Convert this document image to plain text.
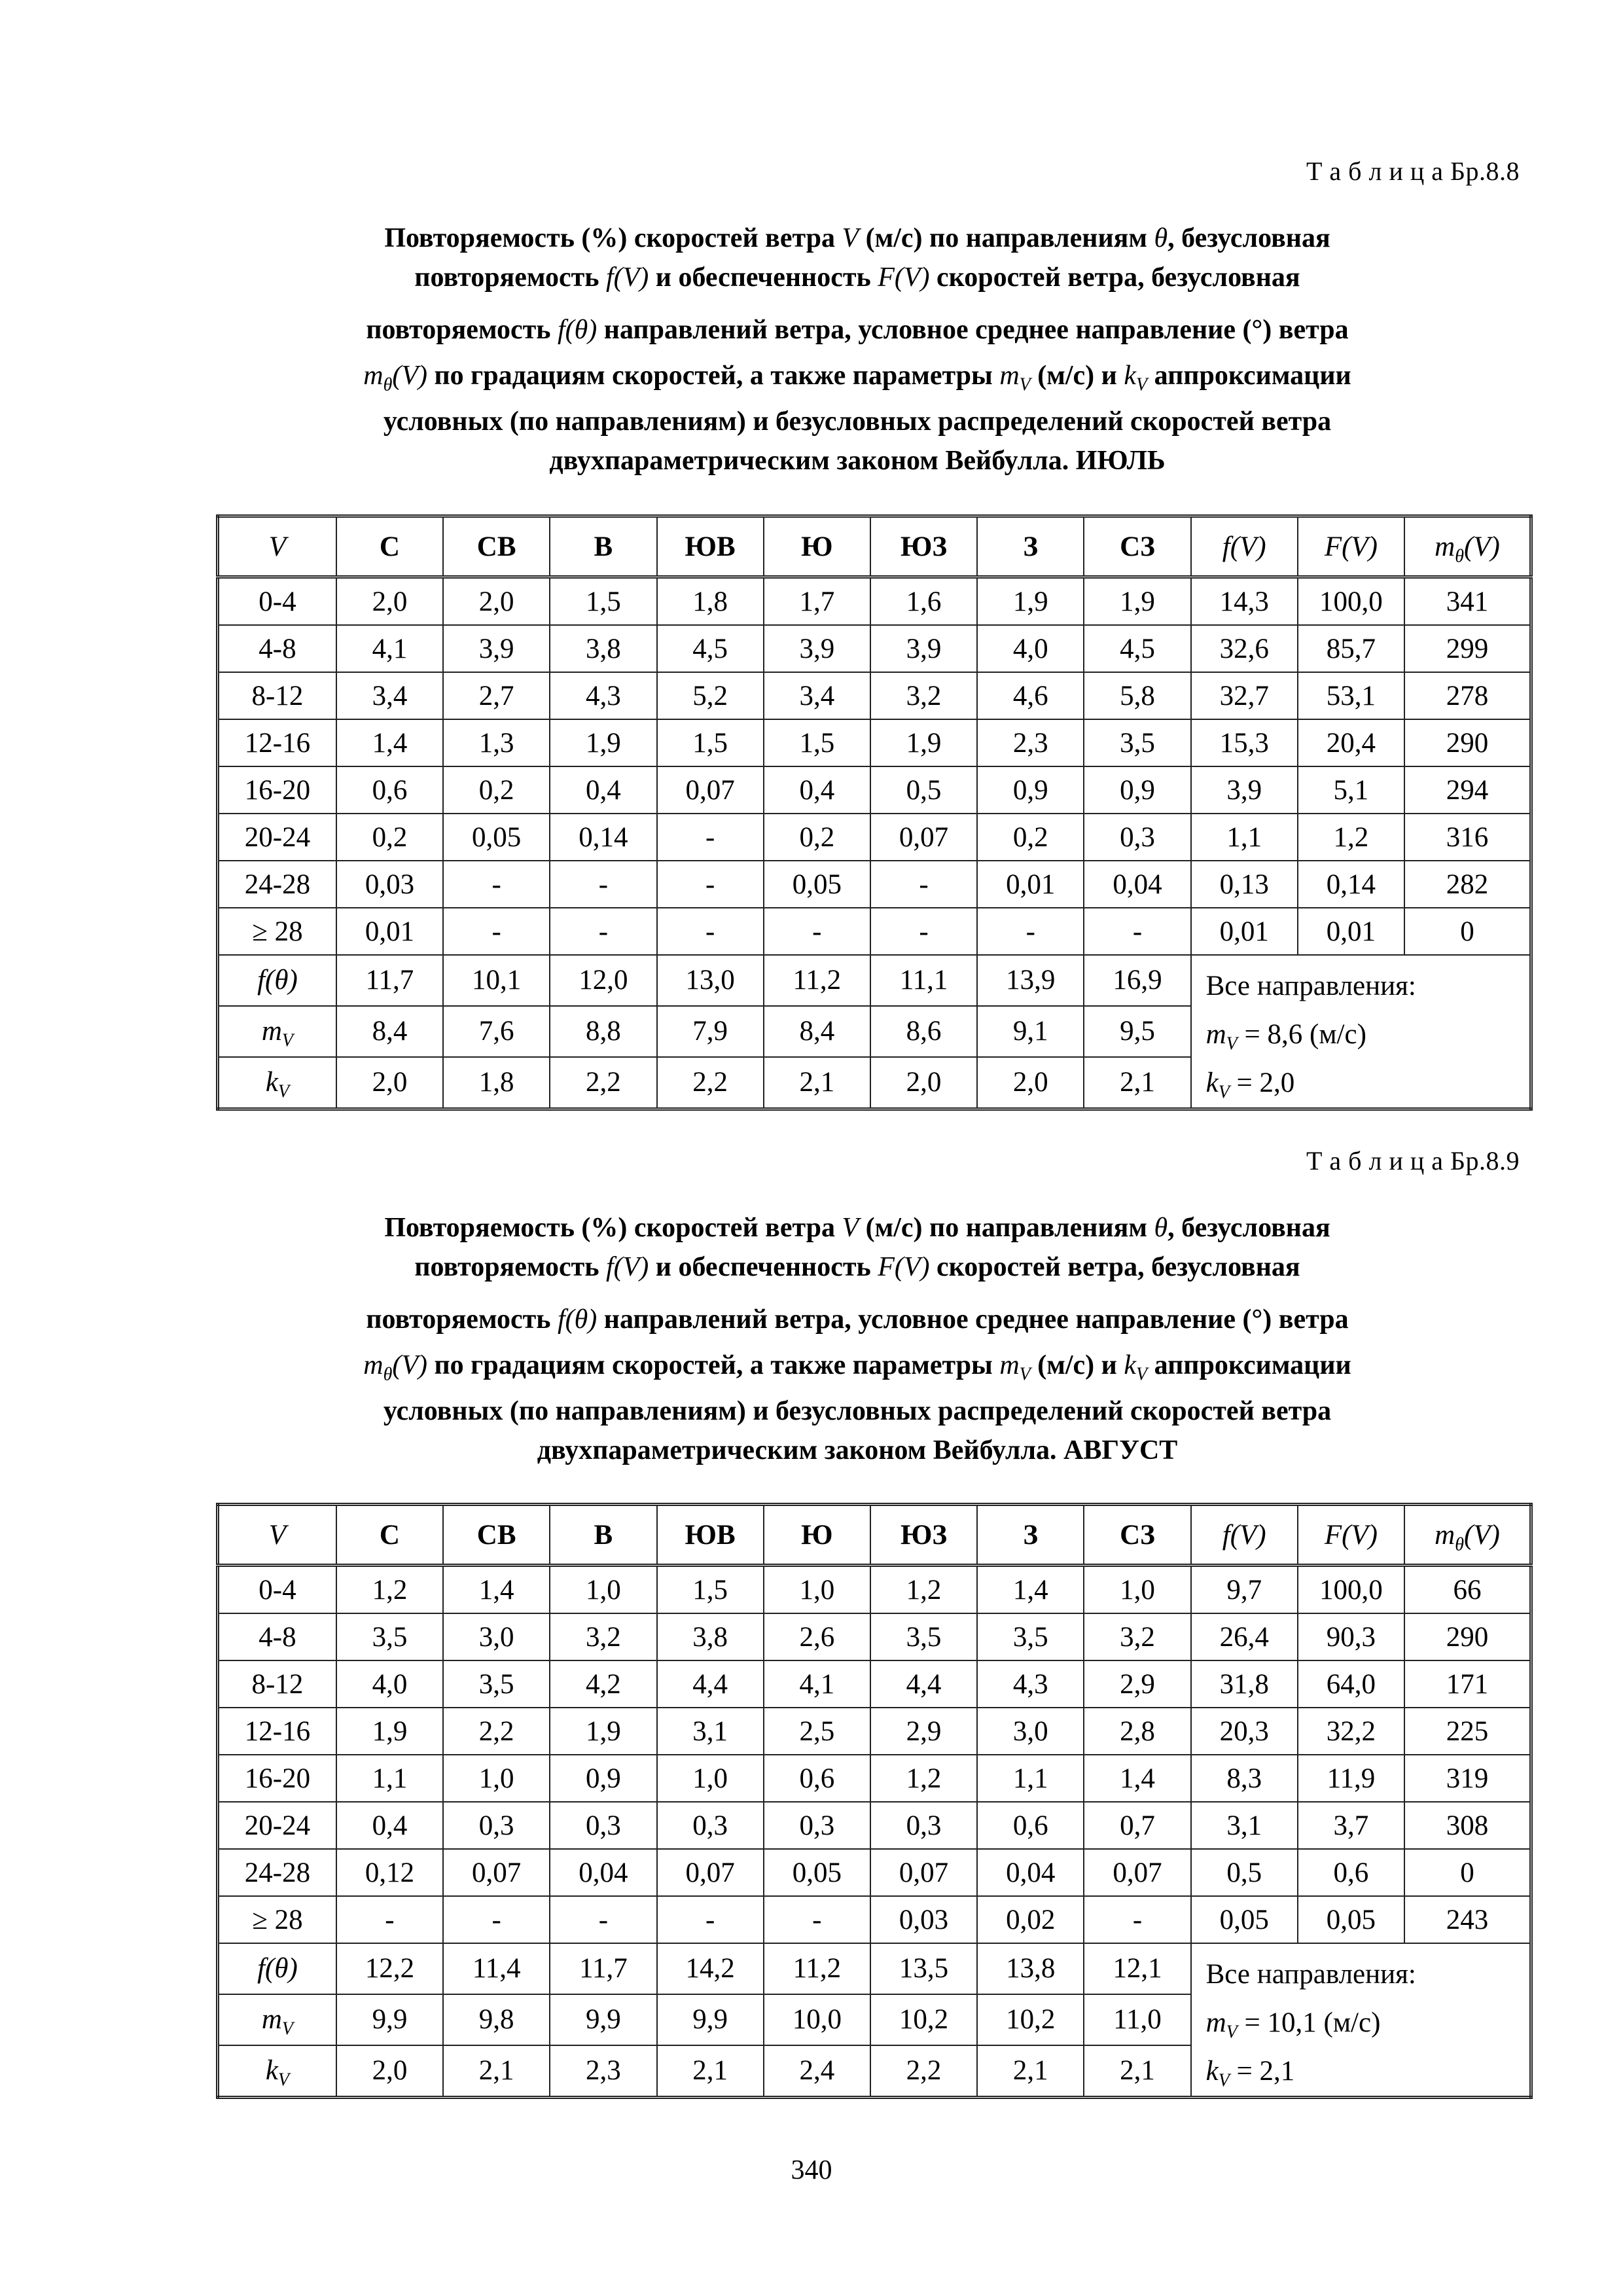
Т а б л и ц а Бр.8.8
Повторяемость (%) скоростей ветра V (м/с) по направлениям θ, безусловная
повторяемость f(V) и обеспеченность F(V) скоростей ветра, безусловная
повторяемость f(θ) направлений ветра, условное среднее направление (°) ветра
$m_\theta(V)$ по градациям скоростей, а также параметры $m_V$ (м/с) и $k_V$ аппроксимации
условных (по направлениям) и безусловных распределений скоростей ветра
двухпараметрическим законом Вейбулла. ИЮЛЬ
V	С	СВ	В	ЮВ	Ю	ЮЗ	З	СЗ	f(V)	F(V)	$m_\theta(V)$
0-4	2,0	2,0	1,5	1,8	1,7	1,6	1,9	1,9	14,3	100,0	341
4-8	4,1	3,9	3,8	4,5	3,9	3,9	4,0	4,5	32,6	85,7	299
8-12	3,4	2,7	4,3	5,2	3,4	3,2	4,6	5,8	32,7	53,1	278
12-16	1,4	1,3	1,9	1,5	1,5	1,9	2,3	3,5	15,3	20,4	290
16-20	0,6	0,2	0,4	0,07	0,4	0,5	0,9	0,9	3,9	5,1	294
20-24	0,2	0,05	0,14	-	0,2	0,07	0,2	0,3	1,1	1,2	316
24-28	0,03	-	-	-	0,05	-	0,01	0,04	0,13	0,14	282
≥ 28	0,01	-	-	-	-	-	-	-	0,01	0,01	0
f(θ)	11,7	10,1	12,0	13,0	11,2	11,1	13,9	16,9	Все направления:
$m_V = 8,6$ (м/с)
$k_V = 2,0$		

$m_V$	8,4	7,6	8,8	7,9	8,4	8,6	9,1	9,5			
$k_V$	2,0	1,8	2,2	2,2	2,1	2,0	2,0	2,1			
Т а б л и ц а Бр.8.9
Повторяемость (%) скоростей ветра V (м/с) по направлениям θ, безусловная
повторяемость f(V) и обеспеченность F(V) скоростей ветра, безусловная
повторяемость f(θ) направлений ветра, условное среднее направление (°) ветра
$m_\theta(V)$ по градациям скоростей, а также параметры $m_V$ (м/с) и $k_V$ аппроксимации
условных (по направлениям) и безусловных распределений скоростей ветра
двухпараметрическим законом Вейбулла. АВГУСТ
V	С	СВ	В	ЮВ	Ю	ЮЗ	З	СЗ	f(V)	F(V)	$m_\theta(V)$
0-4	1,2	1,4	1,0	1,5	1,0	1,2	1,4	1,0	9,7	100,0	66
4-8	3,5	3,0	3,2	3,8	2,6	3,5	3,5	3,2	26,4	90,3	290
8-12	4,0	3,5	4,2	4,4	4,1	4,4	4,3	2,9	31,8	64,0	171
12-16	1,9	2,2	1,9	3,1	2,5	2,9	3,0	2,8	20,3	32,2	225
16-20	1,1	1,0	0,9	1,0	0,6	1,2	1,1	1,4	8,3	11,9	319
20-24	0,4	0,3	0,3	0,3	0,3	0,3	0,6	0,7	3,1	3,7	308
24-28	0,12	0,07	0,04	0,07	0,05	0,07	0,04	0,07	0,5	0,6	0
≥ 28	-	-	-	-	-	0,03	0,02	-	0,05	0,05	243
f(θ)	12,2	11,4	11,7	14,2	11,2	13,5	13,8	12,1	Все направления:
$m_V = 10,1$ (м/с)
$k_V = 2,1$		

$m_V$	9,9	9,8	9,9	9,9	10,0	10,2	10,2	11,0			
$k_V$	2,0	2,1	2,3	2,1	2,4	2,2	2,1	2,1			
340
